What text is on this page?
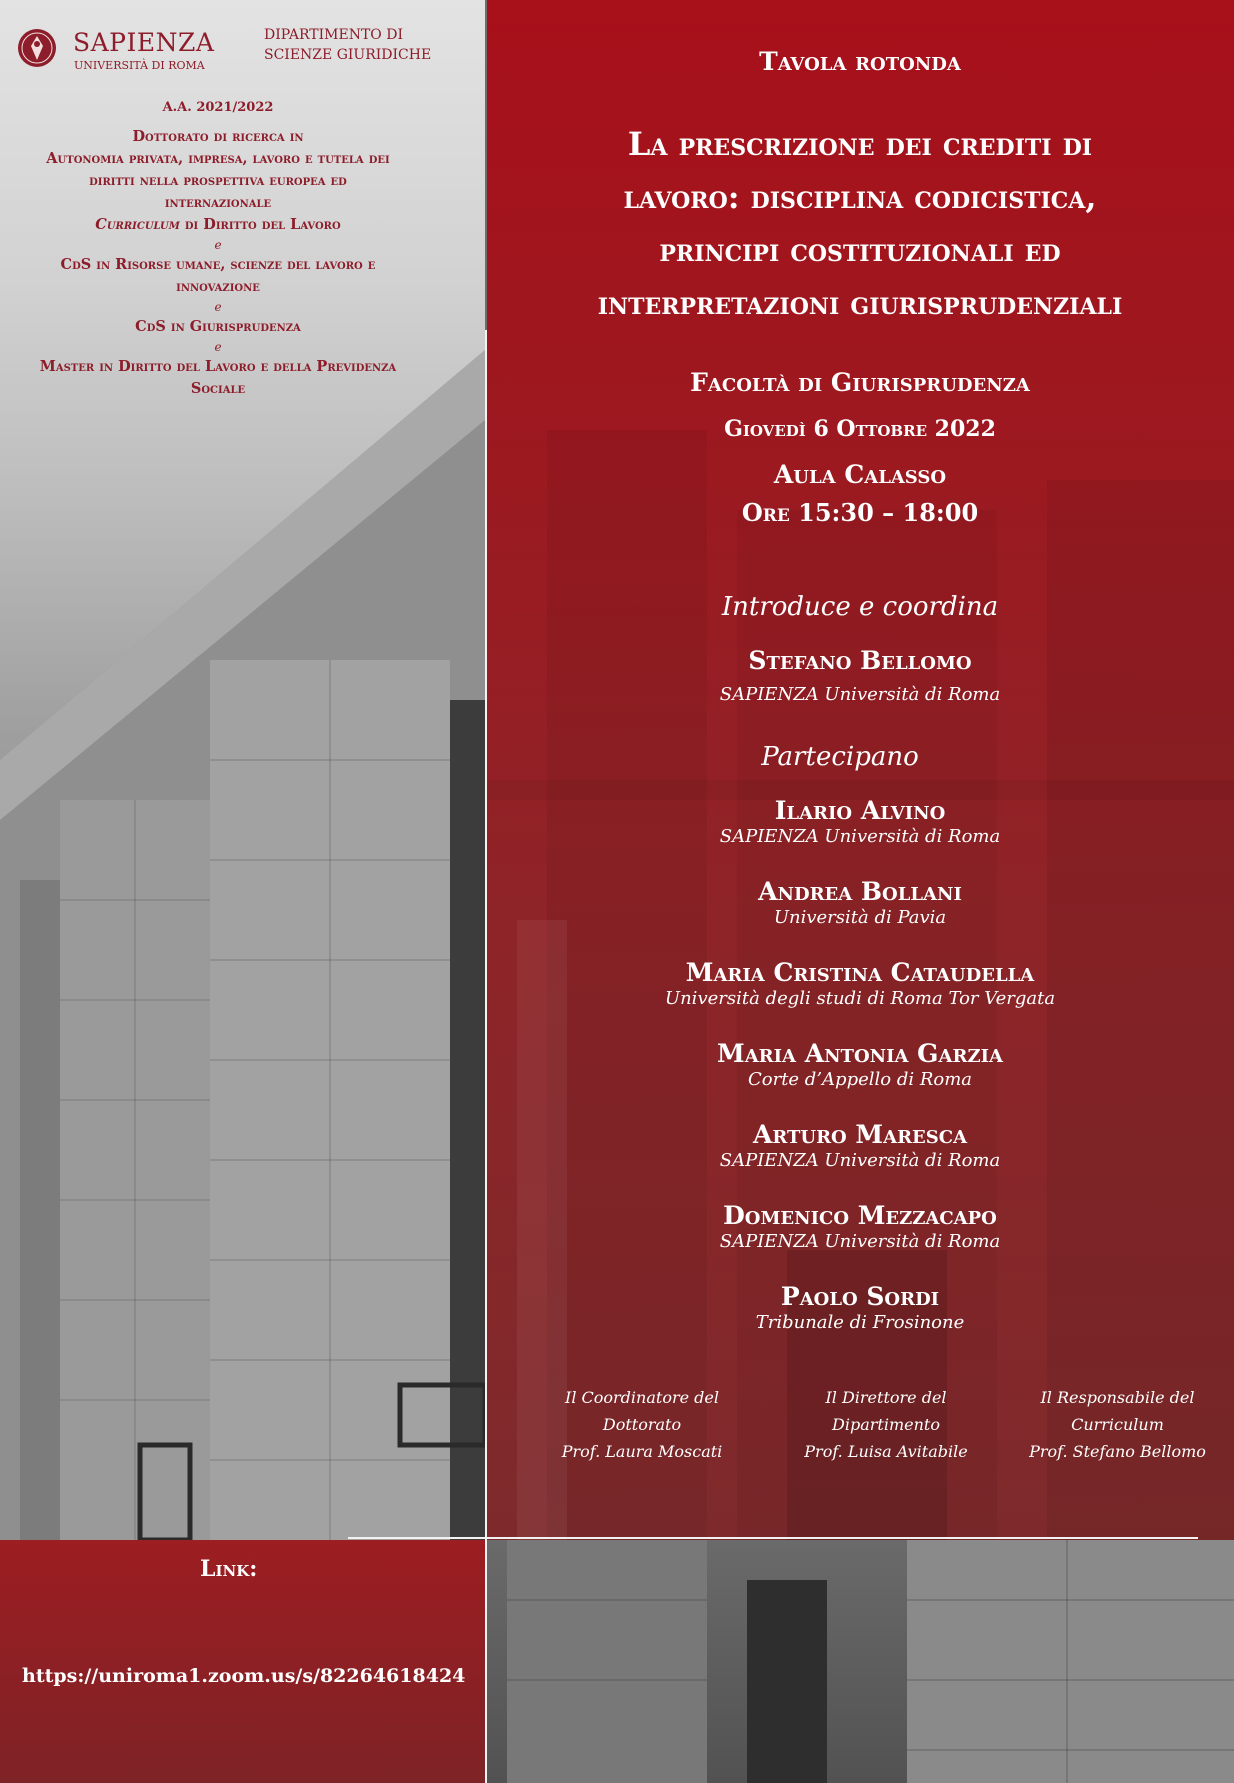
SAPIENZA
UNIVERSITÀ DI ROMA
DIPARTIMENTO DI
SCIENZE GIURIDICHE
A.A. 2021/2022
Dottorato di ricerca in
Autonomia privata, impresa, lavoro e tutela dei
diritti nella prospettiva europea ed
internazionale
Curriculum di Diritto del Lavoro
e
CdS in Risorse umane, scienze del lavoro e
innovazione
e
CdS in Giurisprudenza
e
Master in Diritto del Lavoro e della Previdenza
Sociale
Tavola rotonda
La prescrizione dei crediti di
lavoro: disciplina codicistica,
principi costituzionali ed
interpretazioni giurisprudenziali
Facoltà di Giurisprudenza
Giovedì 6 Ottobre 2022
Aula Calasso
Ore 15:30 – 18:00
Introduce e coordina
Stefano Bellomo
SAPIENZA Università di Roma
Partecipano
Ilario Alvino
SAPIENZA Università di Roma
Andrea Bollani
Università di Pavia
Maria Cristina Cataudella
Università degli studi di Roma Tor Vergata
Maria Antonia Garzia
Corte d’Appello di Roma
Arturo Maresca
SAPIENZA Università di Roma
Domenico Mezzacapo
SAPIENZA Università di Roma
Paolo Sordi
Tribunale di Frosinone
Il Coordinatore del
Dottorato
Prof. Laura Moscati
Il Direttore del
Dipartimento
Prof. Luisa Avitabile
Il Responsabile del
Curriculum
Prof. Stefano Bellomo
Link:
https://uniroma1.zoom.us/s/82264618424
